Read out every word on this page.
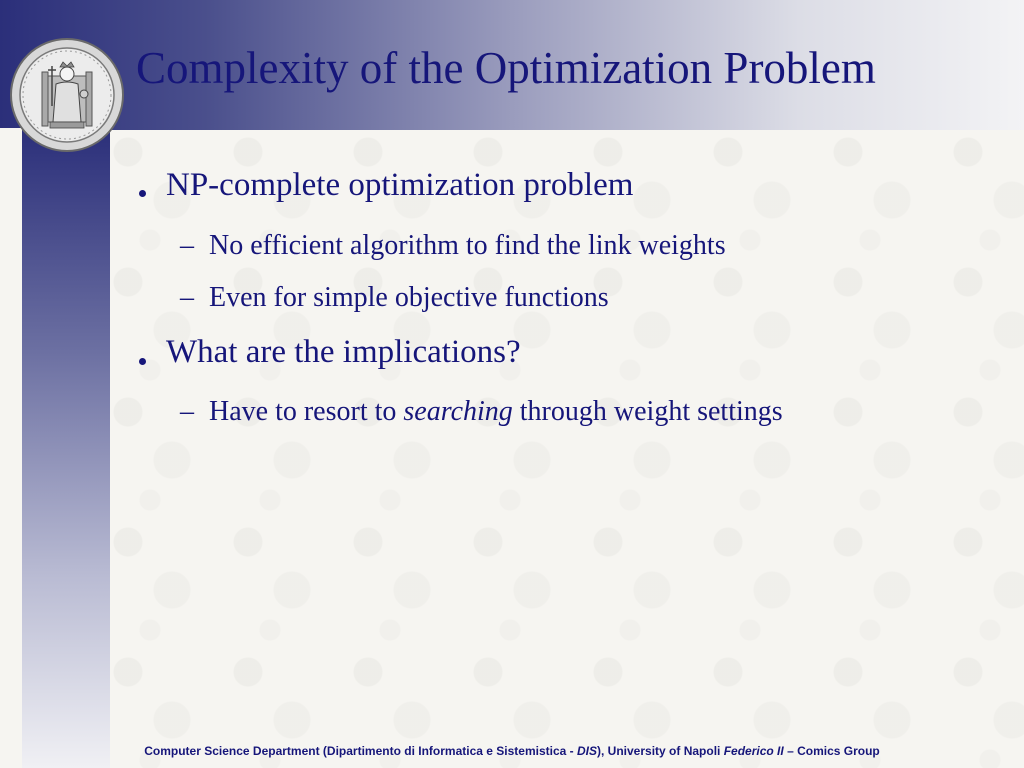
Complexity of the Optimization Problem
NP-complete optimization problem
– No efficient algorithm to find the link weights
– Even for simple objective functions
What are the implications?
– Have to resort to searching through weight settings
Computer Science Department (Dipartimento di Informatica e Sistemistica - DIS), University of Napoli Federico II – Comics Group
